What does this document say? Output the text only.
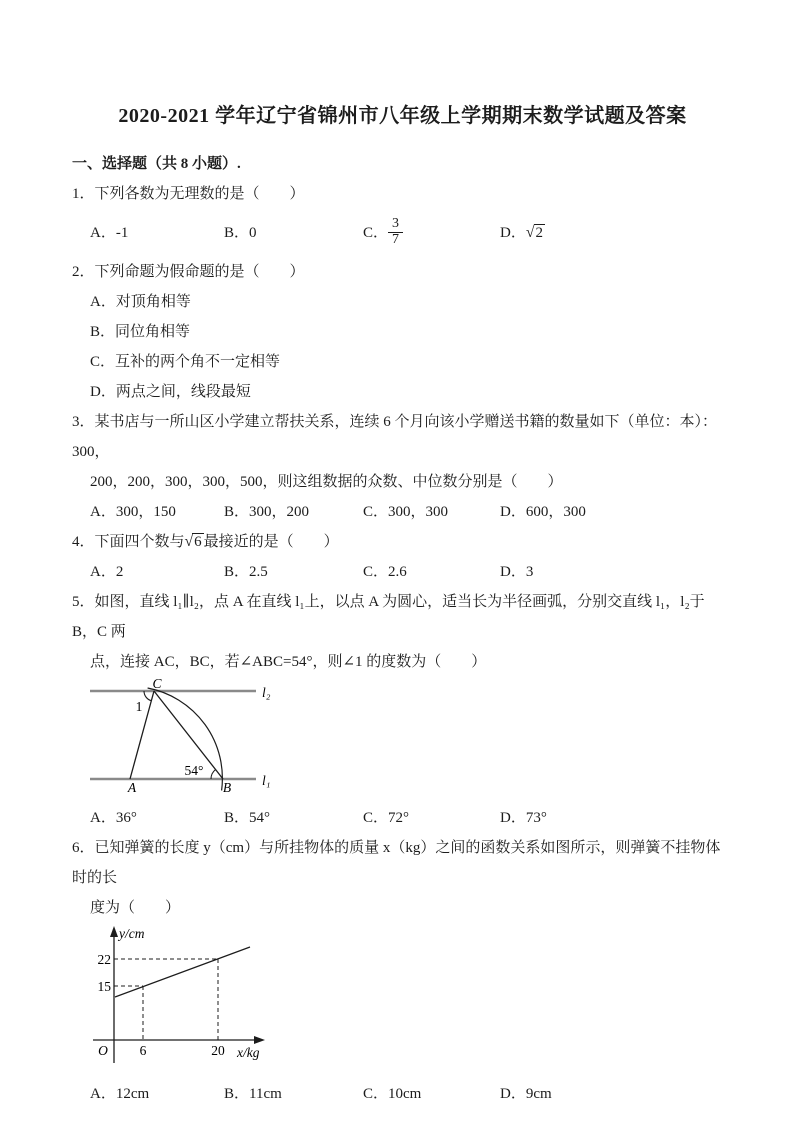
2020-2021 学年辽宁省锦州市八年级上学期期末数学试题及答案
一、选择题（共 8 小题）.

1．下列各数为无理数的是（　　）

A．-1	B．0	C． $\frac{3}{7}$	D．√2

2．下列命题为假命题的是（　　）

A．对顶角相等

B．同位角相等

C．互补的两个角不一定相等

D．两点之间，线段最短

3．某书店与一所山区小学建立帮扶关系，连续 6 个月向该小学赠送书籍的数量如下（单位：本）：300，

200，200，300，300，500，则这组数据的众数、中位数分别是（　　）

A．300，150	B．300，200	C．300，300	D．600，300

4．下面四个数与√6 最接近的是（　　）

A．2	B．2.5	C．2.6	D．3

5．如图，直线 l₁∥l₂，点 A 在直线 l₁上，以点 A 为圆心，适当长为半径画弧，分别交直线 l₁，l₂于 B，C 两

点，连接 AC，BC，若∠ABC=54°，则∠1 的度数为（　　）

C
A	B
l₂
l₁
1
54°
A．36°	B．54°	C．72°	D．73°

6．已知弹簧的长度 y（cm）与所挂物体的质量 x（kg）之间的函数关系如图所示，则弹簧不挂物体时的长

度为（　　）

y/cm
x/kg
O
22
15
6	20
A．12cm	B．11cm	C．10cm	D．9cm
